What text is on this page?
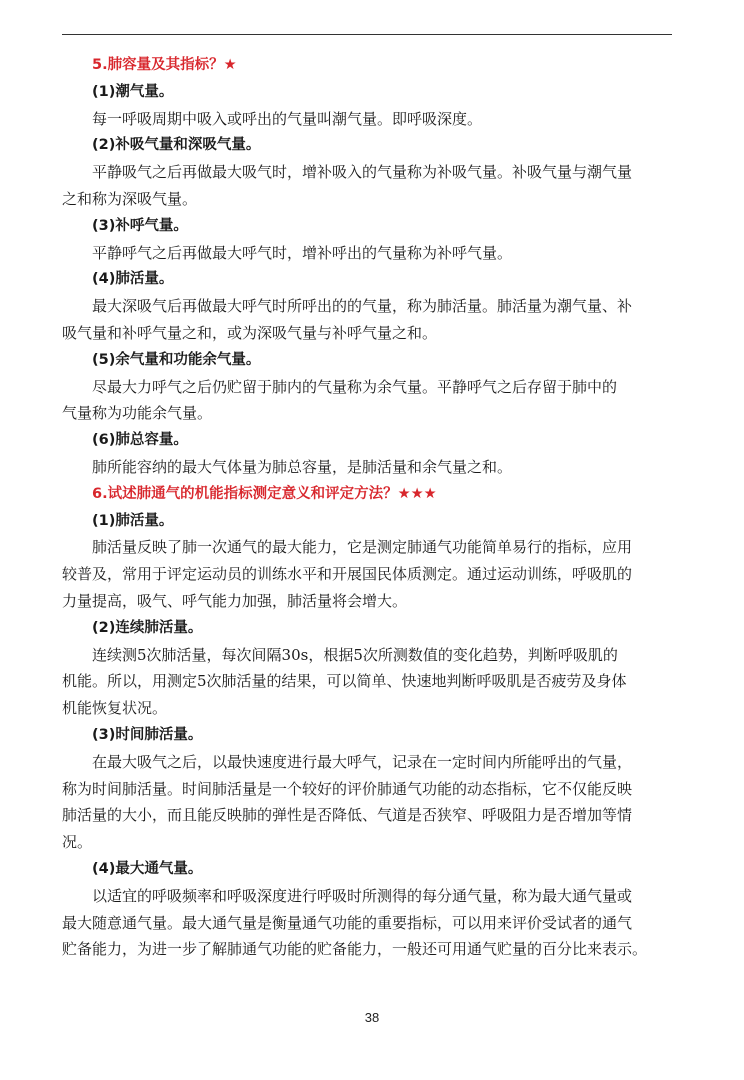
5.肺容量及其指标？★
(1)潮气量。
每一呼吸周期中吸入或呼出的气量叫潮气量。即呼吸深度。
(2)补吸气量和深吸气量。
平静吸气之后再做最大吸气时，增补吸入的气量称为补吸气量。补吸气量与潮气量
之和称为深吸气量。
(3)补呼气量。
平静呼气之后再做最大呼气时，增补呼出的气量称为补呼气量。
(4)肺活量。
最大深吸气后再做最大呼气时所呼出的的气量，称为肺活量。肺活量为潮气量、补
吸气量和补呼气量之和，或为深吸气量与补呼气量之和。
(5)余气量和功能余气量。
尽最大力呼气之后仍贮留于肺内的气量称为余气量。平静呼气之后存留于肺中的
气量称为功能余气量。
(6)肺总容量。
肺所能容纳的最大气体量为肺总容量，是肺活量和余气量之和。
6.试述肺通气的机能指标测定意义和评定方法？★★★
(1)肺活量。
肺活量反映了肺一次通气的最大能力，它是测定肺通气功能简单易行的指标，应用
较普及，常用于评定运动员的训练水平和开展国民体质测定。通过运动训练，呼吸肌的
力量提高，吸气、呼气能力加强，肺活量将会增大。
(2)连续肺活量。
连续测5次肺活量，每次间隔30s，根据5次所测数值的变化趋势，判断呼吸肌的
机能。所以，用测定5次肺活量的结果，可以简单、快速地判断呼吸肌是否疲劳及身体
机能恢复状况。
(3)时间肺活量。
在最大吸气之后，以最快速度进行最大呼气，记录在一定时间内所能呼出的气量，
称为时间肺活量。时间肺活量是一个较好的评价肺通气功能的动态指标，它不仅能反映
肺活量的大小，而且能反映肺的弹性是否降低、气道是否狭窄、呼吸阻力是否增加等情
况。
(4)最大通气量。
以适宜的呼吸频率和呼吸深度进行呼吸时所测得的每分通气量，称为最大通气量或
最大随意通气量。最大通气量是衡量通气功能的重要指标，可以用来评价受试者的通气
贮备能力，为进一步了解肺通气功能的贮备能力，一般还可用通气贮量的百分比来表示。
38
